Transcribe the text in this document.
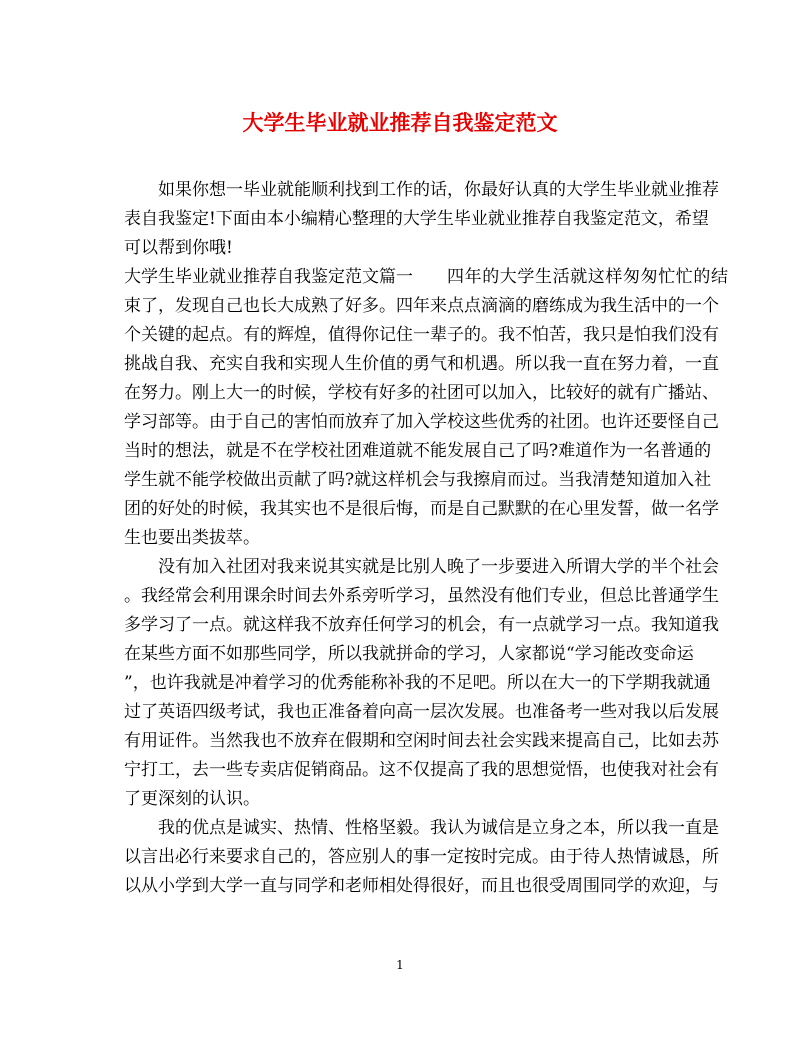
大学生毕业就业推荐自我鉴定范文
如果你想一毕业就能顺利找到工作的话，你最好认真的大学生毕业就业推荐
表自我鉴定!下面由本小编精心整理的大学生毕业就业推荐自我鉴定范文，希望
可以帮到你哦!
大学生毕业就业推荐自我鉴定范文篇一 四年的大学生活就这样匆匆忙忙的结
束了，发现自己也长大成熟了好多。四年来点点滴滴的磨练成为我生活中的一个
个关键的起点。有的辉煌，值得你记住一辈子的。我不怕苦，我只是怕我们没有
挑战自我、充实自我和实现人生价值的勇气和机遇。所以我一直在努力着，一直
在努力。刚上大一的时候，学校有好多的社团可以加入，比较好的就有广播站、
学习部等。由于自己的害怕而放弃了加入学校这些优秀的社团。也许还要怪自己
当时的想法，就是不在学校社团难道就不能发展自己了吗?难道作为一名普通的
学生就不能学校做出贡献了吗?就这样机会与我擦肩而过。当我清楚知道加入社
团的好处的时候，我其实也不是很后悔，而是自己默默的在心里发誓，做一名学
生也要出类拔萃。
没有加入社团对我来说其实就是比别人晚了一步要进入所谓大学的半个社会
。我经常会利用课余时间去外系旁听学习，虽然没有他们专业，但总比普通学生
多学习了一点。就这样我不放弃任何学习的机会，有一点就学习一点。我知道我
在某些方面不如那些同学，所以我就拼命的学习，人家都说“学习能改变命运
”，也许我就是冲着学习的优秀能称补我的不足吧。所以在大一的下学期我就通
过了英语四级考试，我也正准备着向高一层次发展。也准备考一些对我以后发展
有用证件。当然我也不放弃在假期和空闲时间去社会实践来提高自己，比如去苏
宁打工，去一些专卖店促销商品。这不仅提高了我的思想觉悟，也使我对社会有
了更深刻的认识。
我的优点是诚实、热情、性格坚毅。我认为诚信是立身之本，所以我一直是
以言出必行来要求自己的，答应别人的事一定按时完成。由于待人热情诚恳，所
以从小学到大学一直与同学和老师相处得很好，而且也很受周围同学的欢迎，与
1
